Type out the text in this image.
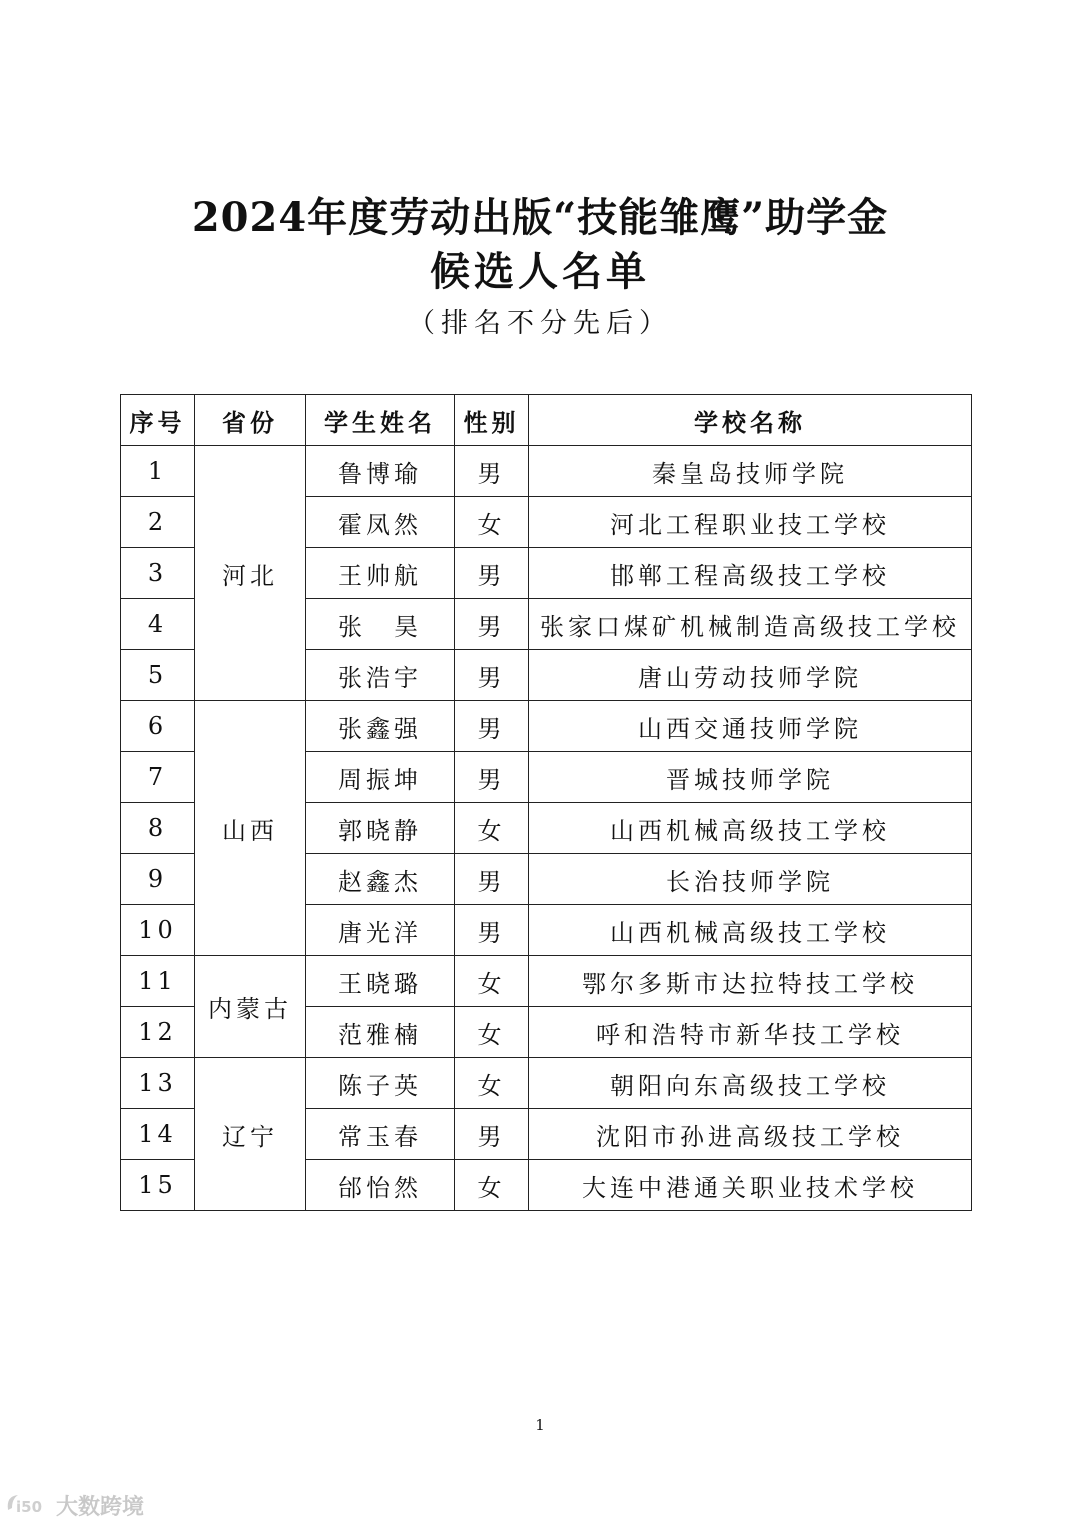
2024年度劳动出版“技能雏鹰”助学金
候选人名单
（排名不分先后）
序号	省份	学生姓名	性别	学校名称
1	河北	鲁博瑜	男	秦皇岛技师学院
2		霍凤然	女	河北工程职业技工学校
3		王帅航	男	邯郸工程高级技工学校
4		张　昊	男	张家口煤矿机械制造高级技工学校
5		张浩宇	男	唐山劳动技师学院
6	山西	张鑫强	男	山西交通技师学院
7		周振坤	男	晋城技师学院
8		郭晓静	女	山西机械高级技工学校
9		赵鑫杰	男	长治技师学院
10		唐光洋	男	山西机械高级技工学校
11	内蒙古	王晓璐	女	鄂尔多斯市达拉特技工学校
12		范雅楠	女	呼和浩特市新华技工学校
13	辽宁	陈子英	女	朝阳向东高级技工学校
14		常玉春	男	沈阳市孙进高级技工学校
15		邰怡然	女	大连中港通关职业技术学校
1
i50 大数跨境
